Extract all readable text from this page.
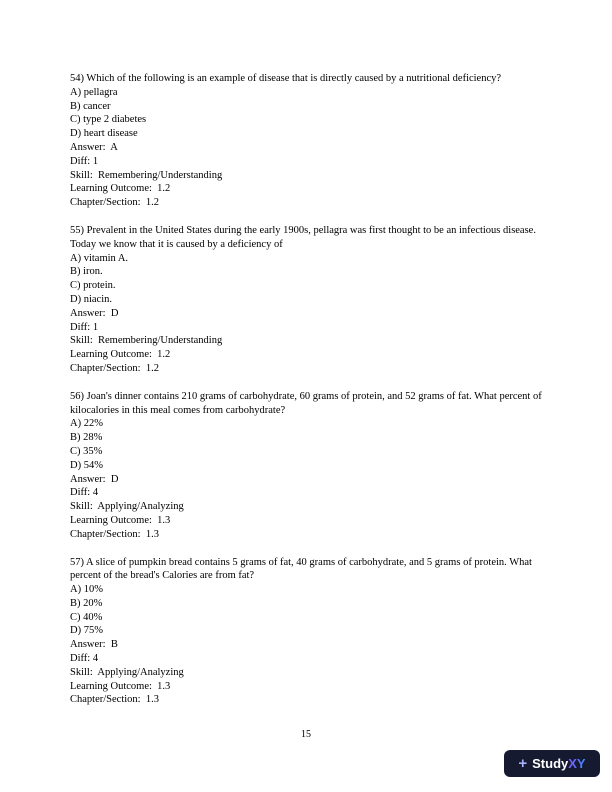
54) Which of the following is an example of disease that is directly caused by a nutritional deficiency?
A) pellagra
B) cancer
C) type 2 diabetes
D) heart disease
Answer:  A
Diff: 1
Skill:  Remembering/Understanding
Learning Outcome:  1.2
Chapter/Section:  1.2
55) Prevalent in the United States during the early 1900s, pellagra was first thought to be an infectious disease. Today we know that it is caused by a deficiency of
A) vitamin A.
B) iron.
C) protein.
D) niacin.
Answer:  D
Diff: 1
Skill:  Remembering/Understanding
Learning Outcome:  1.2
Chapter/Section:  1.2
56) Joan's dinner contains 210 grams of carbohydrate, 60 grams of protein, and 52 grams of fat. What percent of kilocalories in this meal comes from carbohydrate?
A) 22%
B) 28%
C) 35%
D) 54%
Answer:  D
Diff: 4
Skill:  Applying/Analyzing
Learning Outcome:  1.3
Chapter/Section:  1.3
57) A slice of pumpkin bread contains 5 grams of fat, 40 grams of carbohydrate, and 5 grams of protein. What percent of the bread's Calories are from fat?
A) 10%
B) 20%
C) 40%
D) 75%
Answer:  B
Diff: 4
Skill:  Applying/Analyzing
Learning Outcome:  1.3
Chapter/Section:  1.3
15
+ StudyXY
